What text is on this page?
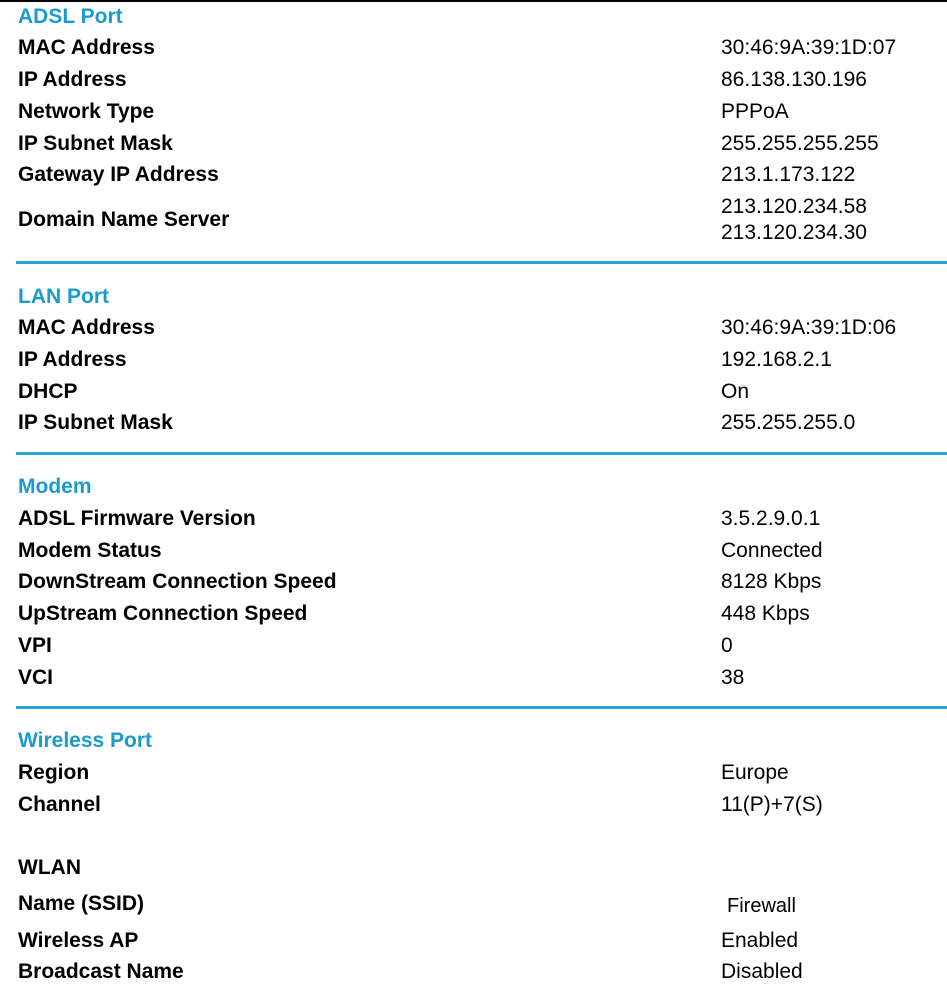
ADSL Port
MAC Address	30:46:9A:39:1D:07
IP Address	86.138.130.196
Network Type	PPPoA
IP Subnet Mask	255.255.255.255
Gateway IP Address	213.1.173.122
Domain Name Server
213.120.234.58
213.120.234.30
LAN Port
MAC Address	30:46:9A:39:1D:06
IP Address	192.168.2.1
DHCP	On
IP Subnet Mask	255.255.255.0
Modem
ADSL Firmware Version	3.5.2.9.0.1
Modem Status	Connected
DownStream Connection Speed	8128 Kbps
UpStream Connection Speed	448 Kbps
VPI	0
VCI	38
Wireless Port
Region	Europe
Channel	11(P)+7(S)
WLAN
Name (SSID)	Firewall
Wireless AP	Enabled
Broadcast Name	Disabled
